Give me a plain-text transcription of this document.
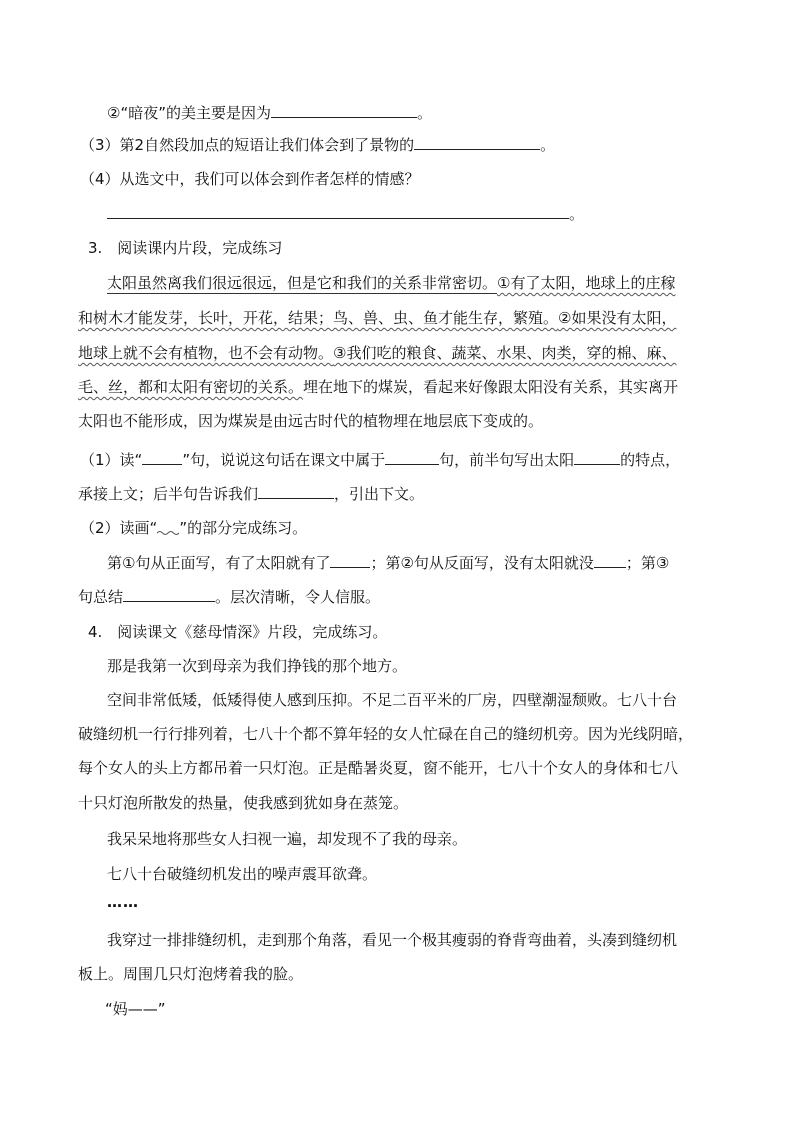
②“暗夜”的美主要是因为	。
（3）第2自然段加点的短语让我们体会到了景物的	。
（4）从选文中，我们可以体会到作者怎样的情感？
。
3.　阅读课内片段，完成练习
太阳虽然离我们很远很远，但是它和我们的关系非常密切。①有了太阳，地球上的庄稼
和树木才能发芽，长叶，开花，结果；鸟、兽、虫、鱼才能生存，繁殖。②如果没有太阳，
地球上就不会有植物，也不会有动物。③我们吃的粮食、蔬菜、水果、肉类，穿的棉、麻、
毛、丝，都和太阳有密切的关系。埋在地下的煤炭，看起来好像跟太阳没有关系，其实离开
太阳也不能形成，因为煤炭是由远古时代的植物埋在地层底下变成的。
（1）读“	”句，说说这句话在课文中属于	句，前半句写出太阳	的特点，
承接上文；后半句告诉我们	，引出下文。
（2）读画“ ”的部分完成练习。
第①句从正面写，有了太阳就有了	；第②句从反面写，没有太阳就没 ；第③
句总结	。层次清晰，令人信服。
4.　阅读课文《慈母情深》片段，完成练习。
那是我第一次到母亲为我们挣钱的那个地方。
空间非常低矮，低矮得使人感到压抑。不足二百平米的厂房，四壁潮湿颓败。七八十台
破缝纫机一行行排列着，七八十个都不算年轻的女人忙碌在自己的缝纫机旁。因为光线阴暗，
每个女人的头上方都吊着一只灯泡。正是酷暑炎夏，窗不能开，七八十个女人的身体和七八
十只灯泡所散发的热量，使我感到犹如身在蒸笼。
我呆呆地将那些女人扫视一遍，却发现不了我的母亲。
七八十台破缝纫机发出的噪声震耳欲聋。
……
我穿过一排排缝纫机，走到那个角落，看见一个极其瘦弱的脊背弯曲着，头凑到缝纫机
板上。周围几只灯泡烤着我的脸。
“妈——”
